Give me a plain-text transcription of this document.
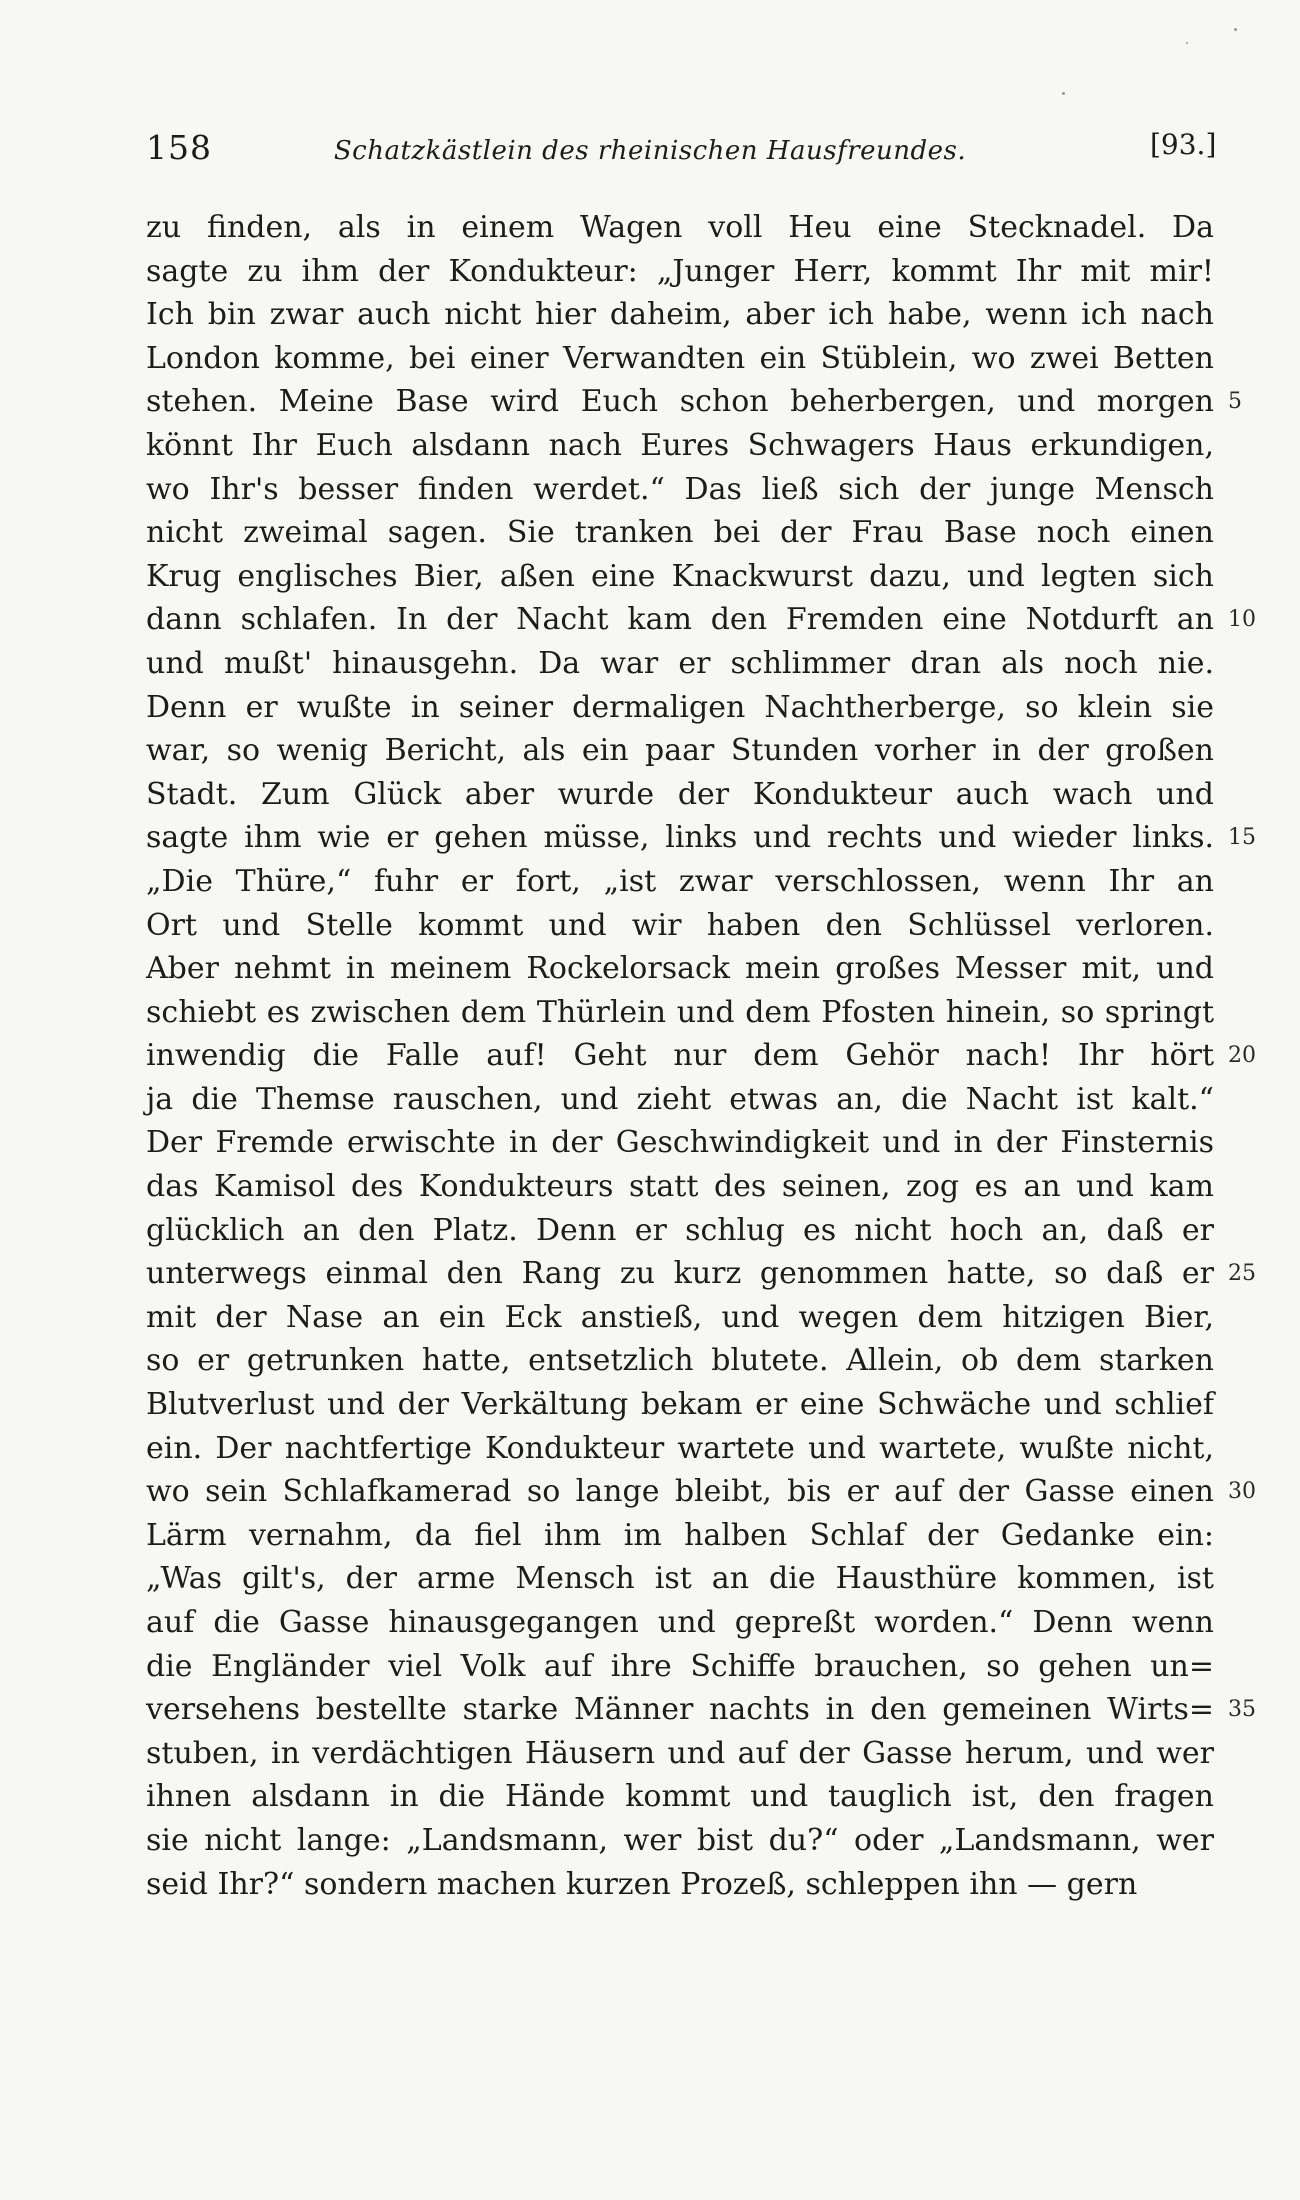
158	Schatzkästlein des rheinischen Hausfreundes.	[93.]
zu finden, als in einem Wagen voll Heu eine Stecknadel. Da
sagte zu ihm der Kondukteur: „Junger Herr, kommt Ihr mit mir!
Ich bin zwar auch nicht hier daheim, aber ich habe, wenn ich nach
London komme, bei einer Verwandten ein Stüblein, wo zwei Betten
stehen. Meine Base wird Euch schon beherbergen, und morgen 5
könnt Ihr Euch alsdann nach Eures Schwagers Haus erkundigen,
wo Ihr's besser finden werdet.“ Das ließ sich der junge Mensch
nicht zweimal sagen. Sie tranken bei der Frau Base noch einen
Krug englisches Bier, aßen eine Knackwurst dazu, und legten sich
dann schlafen. In der Nacht kam den Fremden eine Notdurft an 10
und mußt' hinausgehn. Da war er schlimmer dran als noch nie.
Denn er wußte in seiner dermaligen Nachtherberge, so klein sie
war, so wenig Bericht, als ein paar Stunden vorher in der großen
Stadt. Zum Glück aber wurde der Kondukteur auch wach und
sagte ihm wie er gehen müsse, links und rechts und wieder links. 15
„Die Thüre,“ fuhr er fort, „ist zwar verschlossen, wenn Ihr an
Ort und Stelle kommt und wir haben den Schlüssel verloren.
Aber nehmt in meinem Rockelorsack mein großes Messer mit, und
schiebt es zwischen dem Thürlein und dem Pfosten hinein, so springt
inwendig die Falle auf! Geht nur dem Gehör nach! Ihr hört 20
ja die Themse rauschen, und zieht etwas an, die Nacht ist kalt.“
Der Fremde erwischte in der Geschwindigkeit und in der Finsternis
das Kamisol des Kondukteurs statt des seinen, zog es an und kam
glücklich an den Platz. Denn er schlug es nicht hoch an, daß er
unterwegs einmal den Rang zu kurz genommen hatte, so daß er 25
mit der Nase an ein Eck anstieß, und wegen dem hitzigen Bier,
so er getrunken hatte, entsetzlich blutete. Allein, ob dem starken
Blutverlust und der Verkältung bekam er eine Schwäche und schlief
ein. Der nachtfertige Kondukteur wartete und wartete, wußte nicht,
wo sein Schlafkamerad so lange bleibt, bis er auf der Gasse einen 30
Lärm vernahm, da fiel ihm im halben Schlaf der Gedanke ein:
„Was gilt's, der arme Mensch ist an die Hausthüre kommen, ist
auf die Gasse hinausgegangen und gepreßt worden.“ Denn wenn
die Engländer viel Volk auf ihre Schiffe brauchen, so gehen un=
versehens bestellte starke Männer nachts in den gemeinen Wirts= 35
stuben, in verdächtigen Häusern und auf der Gasse herum, und wer
ihnen alsdann in die Hände kommt und tauglich ist, den fragen
sie nicht lange: „Landsmann, wer bist du?“ oder „Landsmann, wer
seid Ihr?“ sondern machen kurzen Prozeß, schleppen ihn — gern
